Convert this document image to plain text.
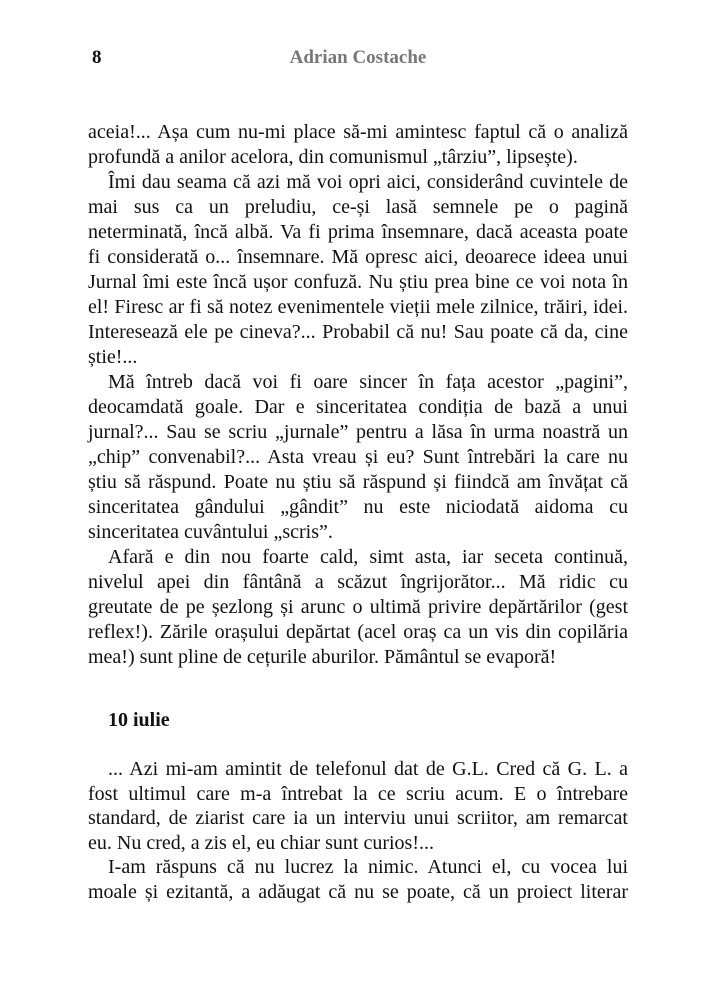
8	Adrian Costache
aceia!... Așa cum nu-mi place să-mi amintesc faptul că o analiză
profundă a anilor acelora, din comunismul „târziu”, lipsește).
Îmi dau seama că azi mă voi opri aici, considerând cuvintele de
mai sus ca un preludiu, ce-și lasă semnele pe o pagină
neterminată, încă albă. Va fi prima însemnare, dacă aceasta poate
fi considerată o... însemnare. Mă opresc aici, deoarece ideea unui
Jurnal îmi este încă ușor confuză. Nu știu prea bine ce voi nota în
el! Firesc ar fi să notez evenimentele vieții mele zilnice, trăiri, idei.
Interesează ele pe cineva?... Probabil că nu! Sau poate că da, cine
știe!...
Mă întreb dacă voi fi oare sincer în fața acestor „pagini”,
deocamdată goale. Dar e sinceritatea condiția de bază a unui
jurnal?... Sau se scriu „jurnale” pentru a lăsa în urma noastră un
„chip” convenabil?... Asta vreau și eu? Sunt întrebări la care nu
știu să răspund. Poate nu știu să răspund și fiindcă am învățat că
sinceritatea gândului „gândit” nu este niciodată aidoma cu
sinceritatea cuvântului „scris”.
Afară e din nou foarte cald, simt asta, iar seceta continuă,
nivelul apei din fântână a scăzut îngrijorător... Mă ridic cu
greutate de pe șezlong și arunc o ultimă privire depărtărilor (gest
reflex!). Zările orașului depărtat (acel oraș ca un vis din copilăria
mea!) sunt pline de cețurile aburilor. Pământul se evaporă!
10 iulie
... Azi mi-am amintit de telefonul dat de G.L. Cred că G. L. a
fost ultimul care m-a întrebat la ce scriu acum. E o întrebare
standard, de ziarist care ia un interviu unui scriitor, am remarcat
eu. Nu cred, a zis el, eu chiar sunt curios!...
I-am răspuns că nu lucrez la nimic. Atunci el, cu vocea lui
moale și ezitantă, a adăugat că nu se poate, că un proiect literar
